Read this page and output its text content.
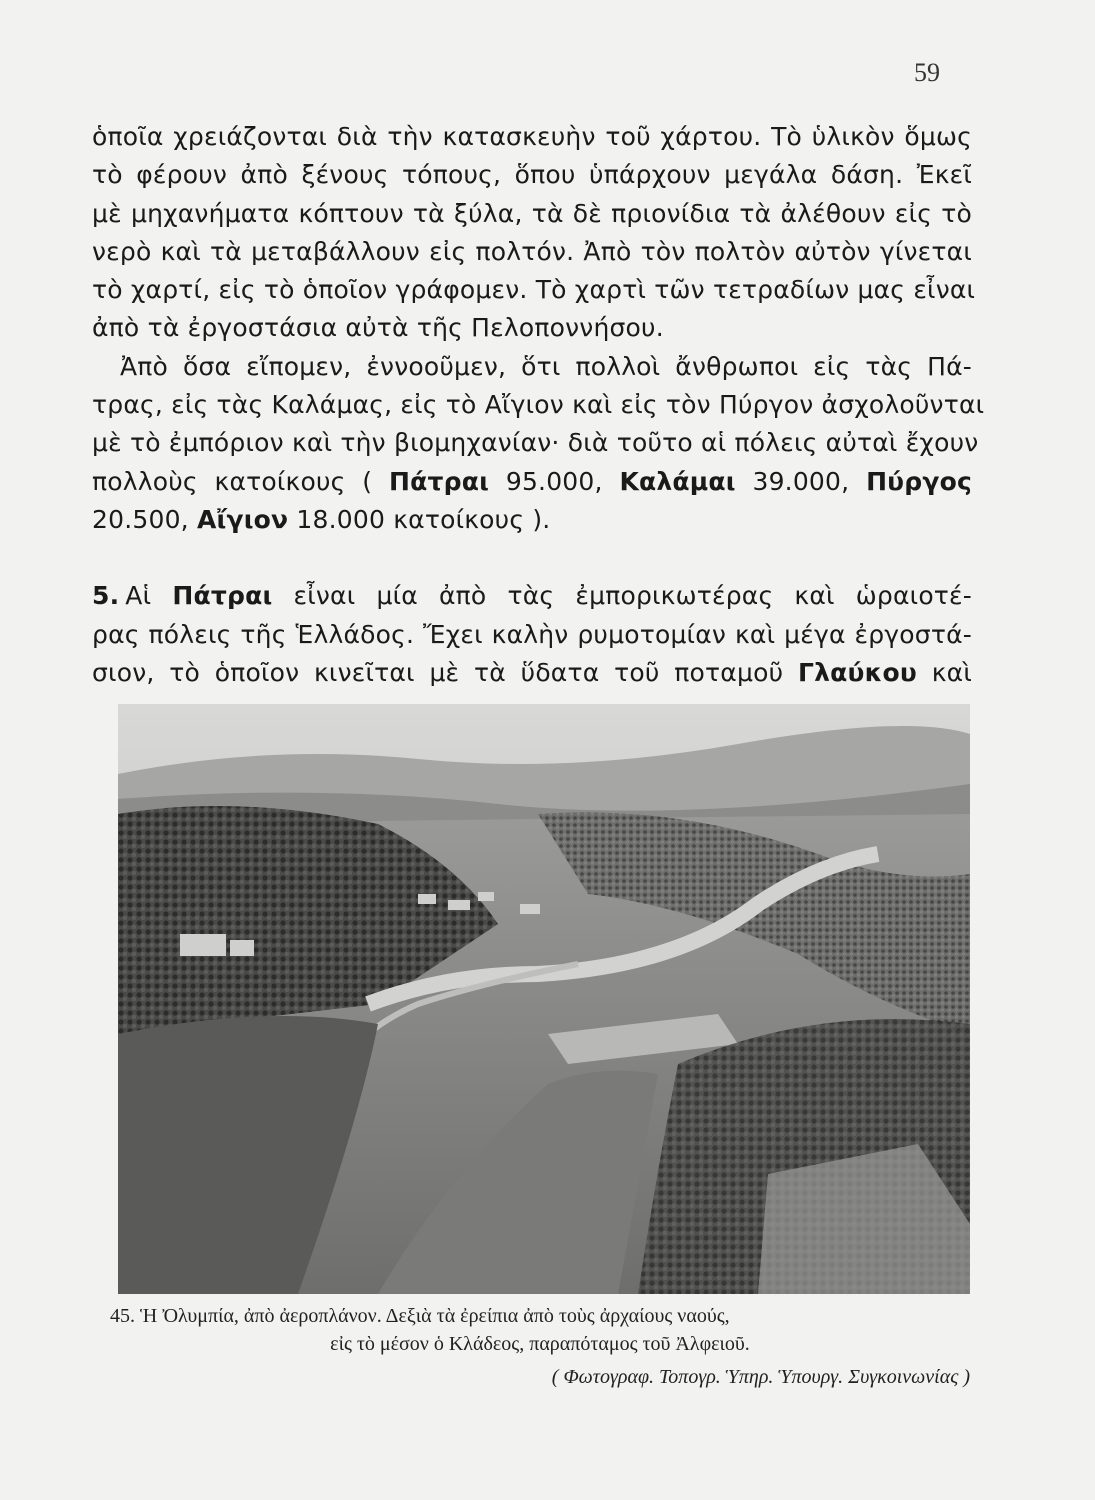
59
ὁποῖα χρειάζονται διὰ τὴν κατασκευὴν τοῦ χάρτου. Τὸ ὑλικὸν ὅμως
τὸ φέρουν ἀπὸ ξένους τόπους, ὅπου ὑπάρχουν μεγάλα δάση. Ἐκεῖ
μὲ μηχανήματα κόπτουν τὰ ξύλα, τὰ δὲ πριονίδια τὰ ἀλέθουν εἰς τὸ
νερὸ καὶ τὰ μεταβάλλουν εἰς πολτόν. Ἀπὸ τὸν πολτὸν αὐτὸν γίνεται
τὸ χαρτί, εἰς τὸ ὁποῖον γράφομεν. Τὸ χαρτὶ τῶν τετραδίων μας εἶναι
ἀπὸ τὰ ἐργοστάσια αὐτὰ τῆς Πελοποννήσου.
Ἀπὸ ὅσα εἴπομεν, ἐννοοῦμεν, ὅτι πολλοὶ ἄνθρωποι εἰς τὰς Πά-
τρας, εἰς τὰς Καλάμας, εἰς τὸ Αἴγιον καὶ εἰς τὸν Πύργον ἀσχολοῦνται
μὲ τὸ ἐμπόριον καὶ τὴν βιομηχανίαν· διὰ τοῦτο αἱ πόλεις αὐταὶ ἔχουν
πολλοὺς κατοίκους ( Πάτραι 95.000, Καλάμαι 39.000, Πύργος
20.500, Αἴγιον 18.000 κατοίκους ).
5. Αἱ Πάτραι εἶναι μία ἀπὸ τὰς ἐμπορικωτέρας καὶ ὡραιοτέ-
ρας πόλεις τῆς Ἑλλάδος. Ἔχει καλὴν ρυμοτομίαν καὶ μέγα ἐργοστά-
σιον, τὸ ὁποῖον κινεῖται μὲ τὰ ὕδατα τοῦ ποταμοῦ Γλαύκου καὶ
45. Ἡ Ὀλυμπία, ἀπὸ ἀεροπλάνον. Δεξιὰ τὰ ἐρείπια ἀπὸ τοὺς ἀρχαίους ναούς,
εἰς τὸ μέσον ὁ Κλάδεος, παραπόταμος τοῦ Ἀλφειοῦ.
( Φωτογραφ. Τοπογρ. Ὑπηρ. Ὑπουργ. Συγκοινωνίας )
